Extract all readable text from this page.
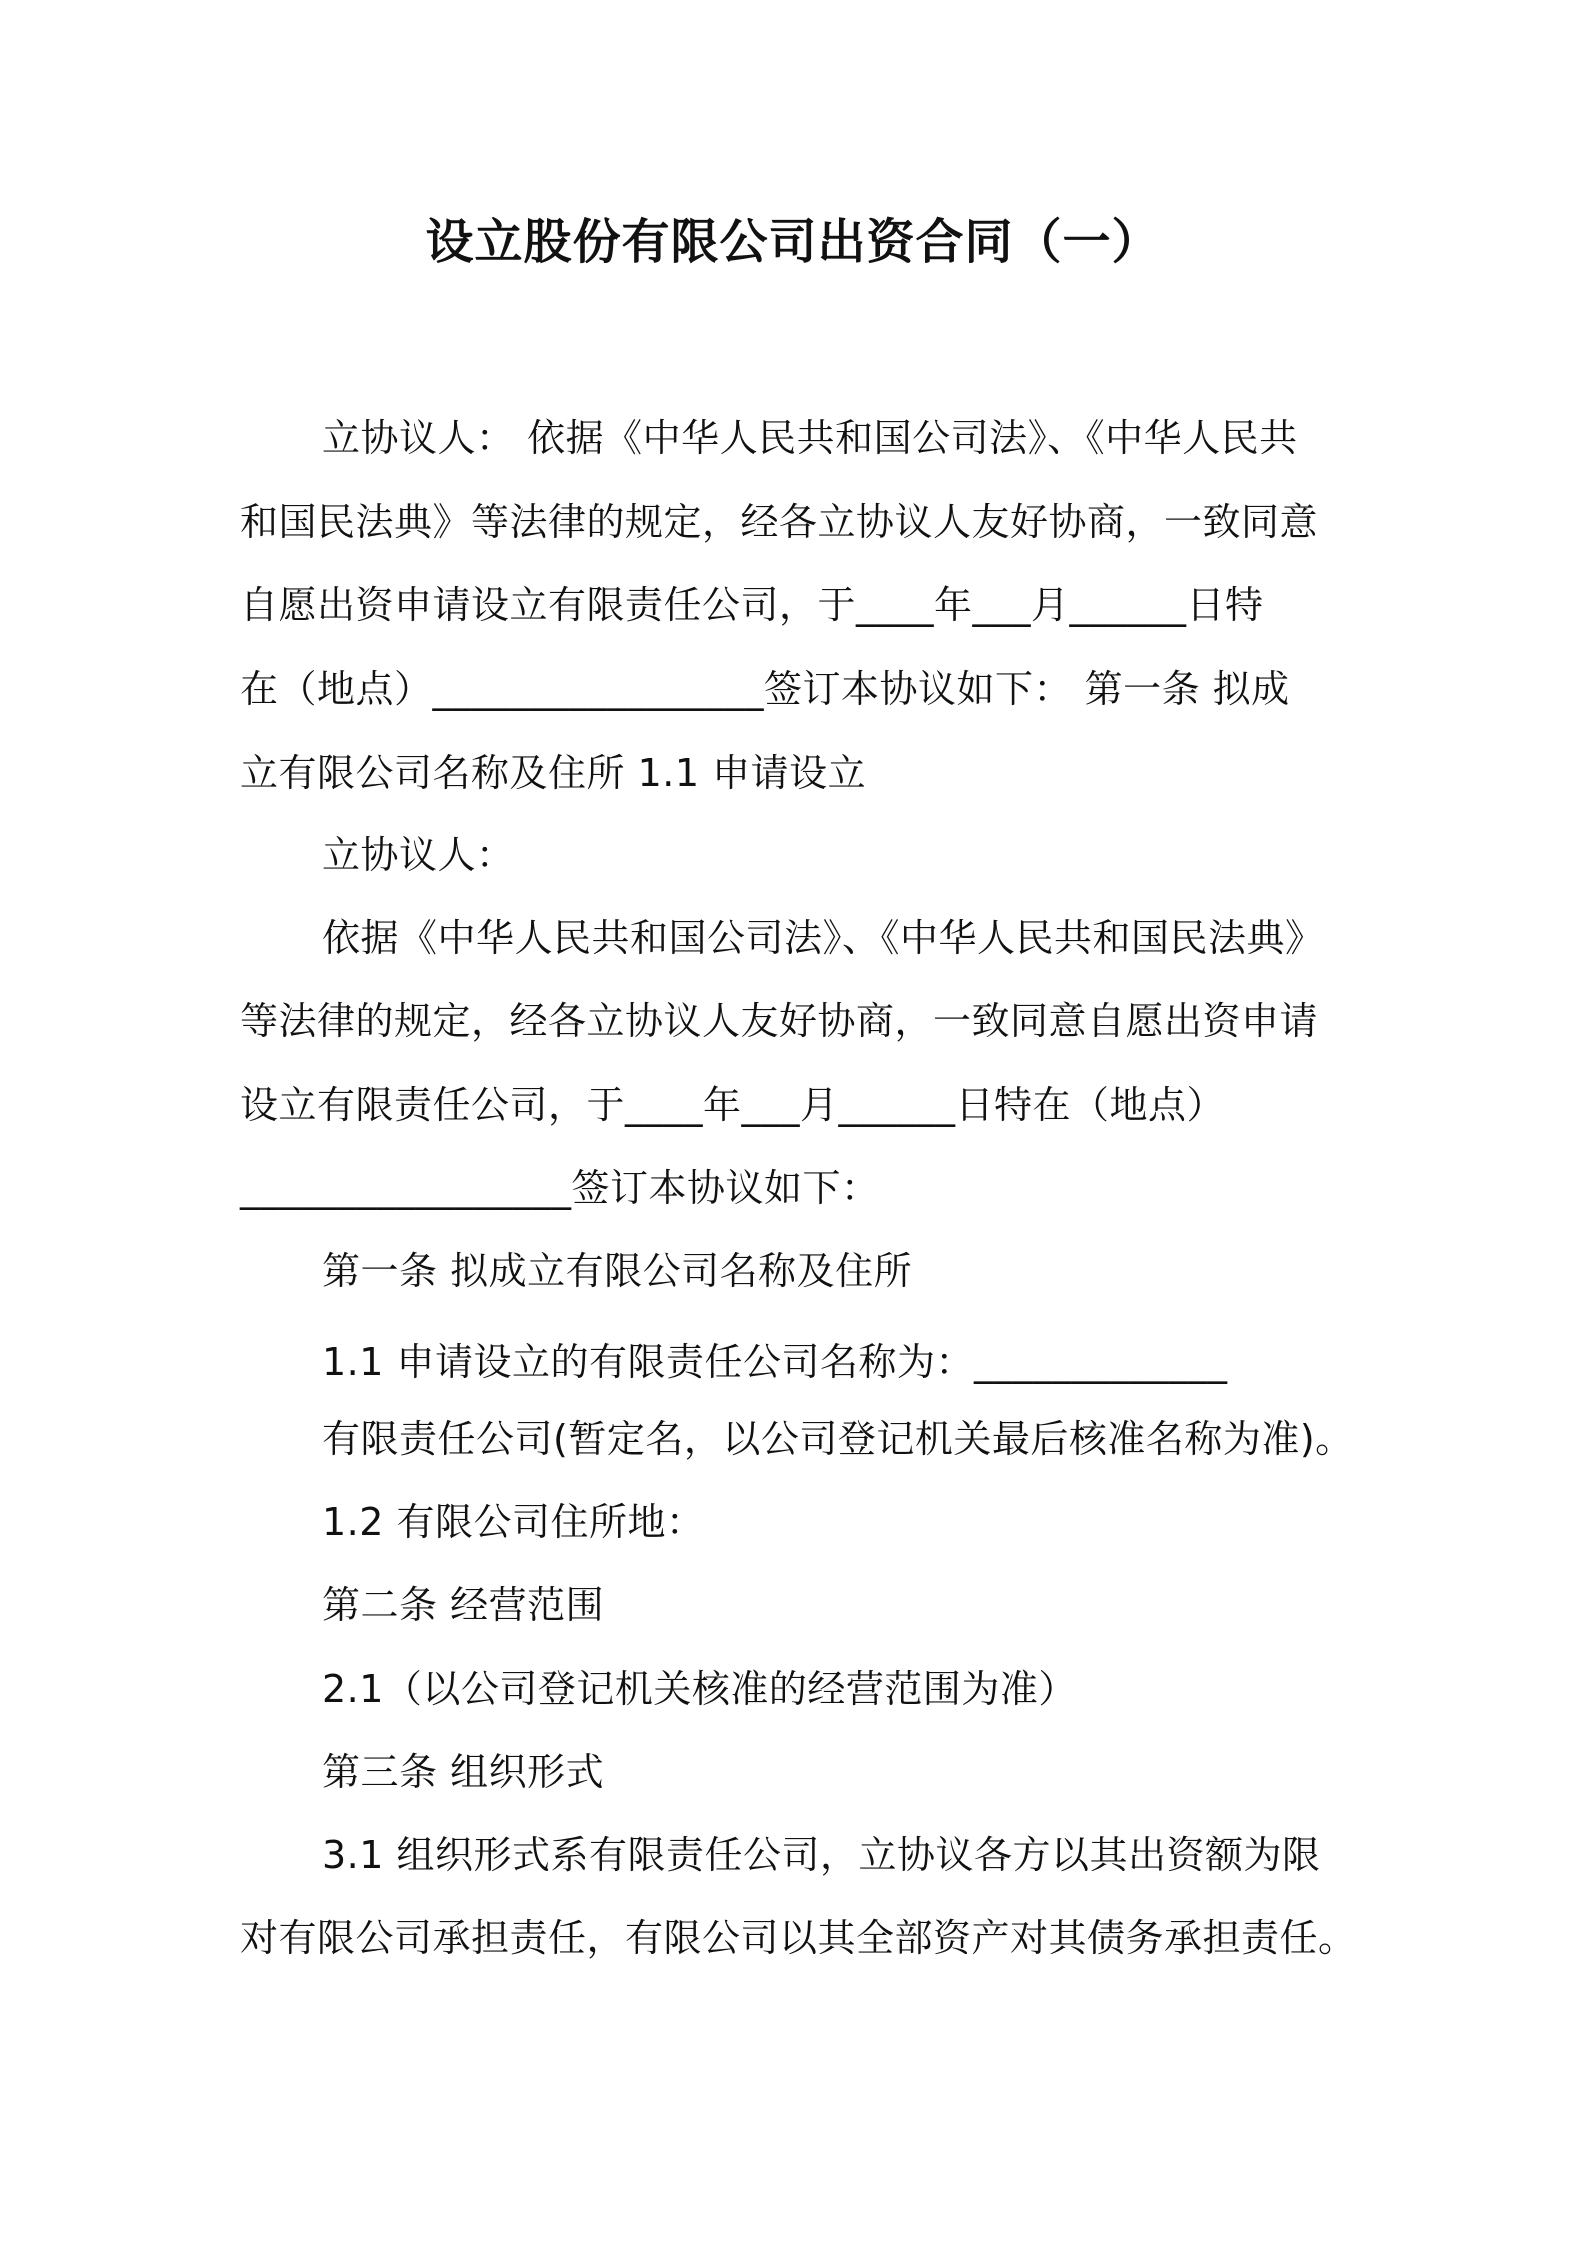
设立股份有限公司出资合同（一）
立协议人： 依据《中华人民共和国公司法》、《中华人民共
和国民法典》等法律的规定，经各立协议人友好协商，一致同意
自愿出资申请设立有限责任公司，于____年___月______日特
在（地点）_________________签订本协议如下： 第一条 拟成
立有限公司名称及住所 1.1 申请设立
立协议人：
依据《中华人民共和国公司法》、《中华人民共和国民法典》
等法律的规定，经各立协议人友好协商，一致同意自愿出资申请
设立有限责任公司，于____年___月______日特在（地点）
_________________签订本协议如下：
第一条 拟成立有限公司名称及住所
1.1 申请设立的有限责任公司名称为：_____________
有限责任公司(暂定名，以公司登记机关最后核准名称为准)。
1.2 有限公司住所地：
第二条 经营范围
2.1（以公司登记机关核准的经营范围为准）
第三条 组织形式
3.1 组织形式系有限责任公司，立协议各方以其出资额为限
对有限公司承担责任，有限公司以其全部资产对其债务承担责任。
